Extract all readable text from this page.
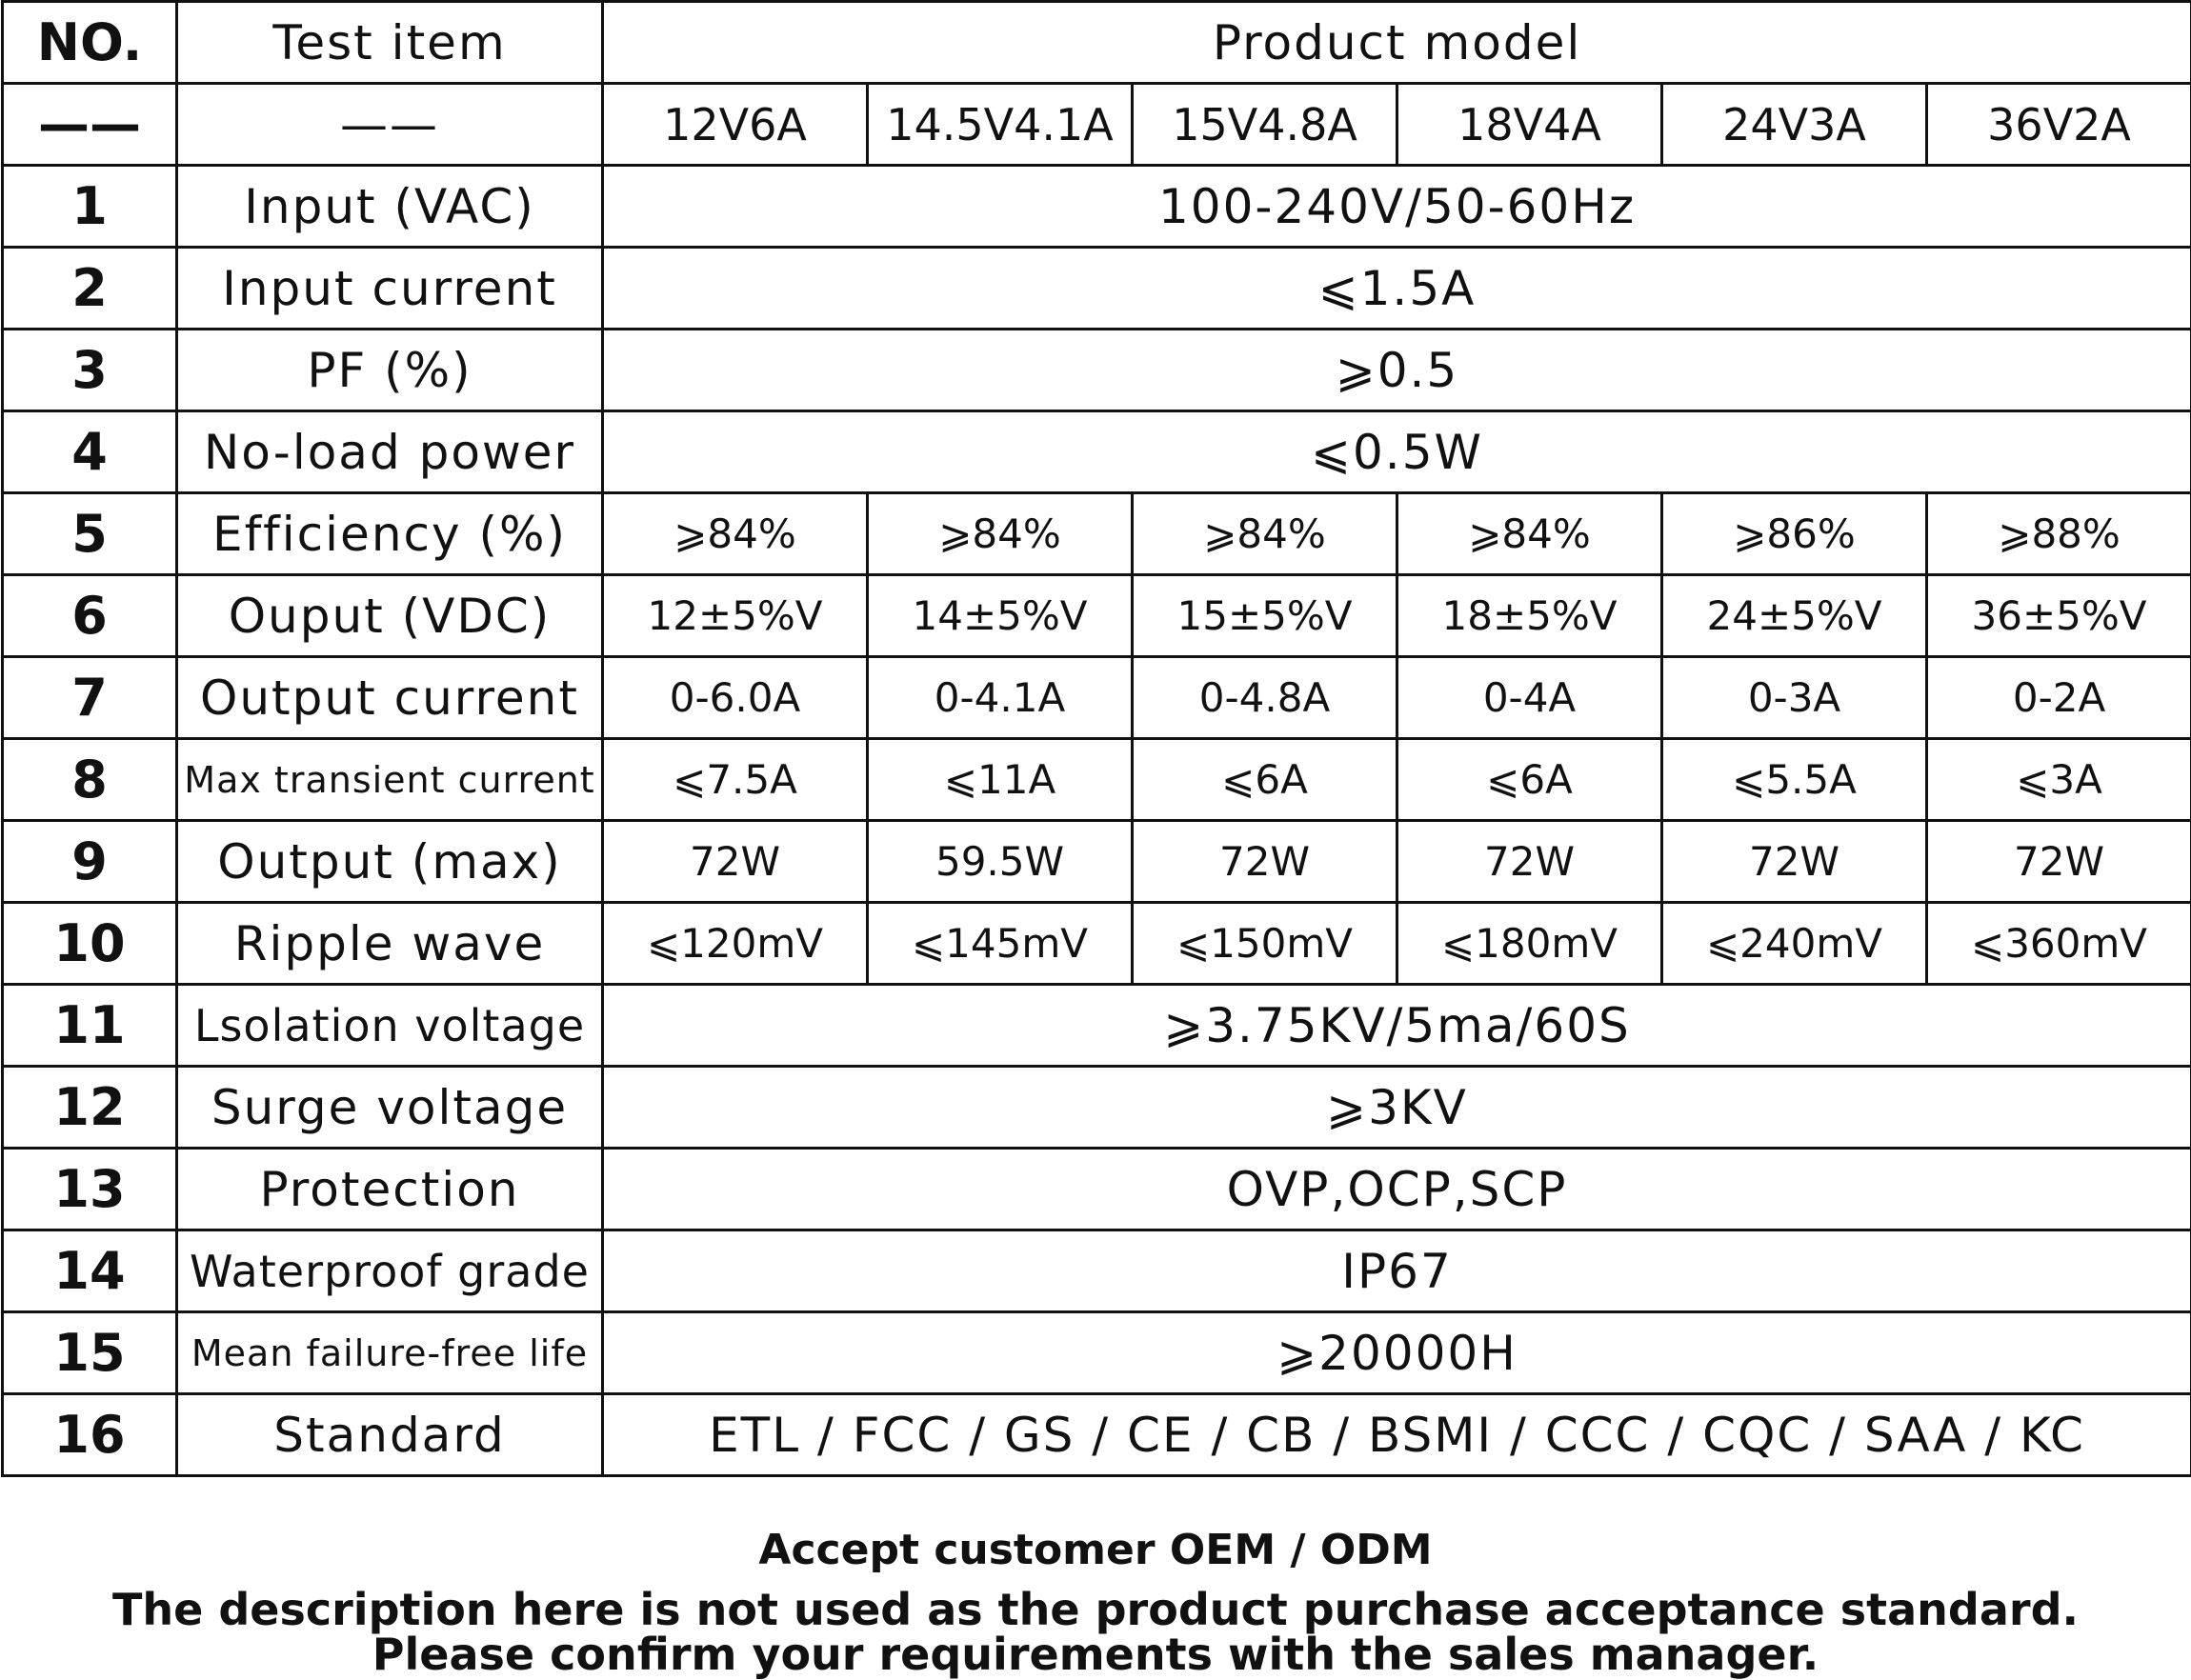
NO.	Test item	Product model					
——	——	12V6A	14.5V4.1A	15V4.8A	18V4A	24V3A	36V2A
1	Input (VAC)	100-240V/50-60Hz					
2	Input current	⩽1.5A					
3	PF (%)	⩾0.5					
4	No-load power	⩽0.5W					
5	Efficiency (%)	⩾84%	⩾84%	⩾84%	⩾84%	⩾86%	⩾88%
6	Ouput (VDC)	12±5%V	14±5%V	15±5%V	18±5%V	24±5%V	36±5%V
7	Output current	0-6.0A	0-4.1A	0-4.8A	0-4A	0-3A	0-2A
8	Max transient current	⩽7.5A	⩽11A	⩽6A	⩽6A	⩽5.5A	⩽3A
9	Output (max)	72W	59.5W	72W	72W	72W	72W
10	Ripple wave	⩽120mV	⩽145mV	⩽150mV	⩽180mV	⩽240mV	⩽360mV
11	Lsolation voltage	⩾3.75KV/5ma/60S					
12	Surge voltage	⩾3KV					
13	Protection	OVP,OCP,SCP					
14	Waterproof grade	IP67					
15	Mean failure-free life	⩾20000H					
16	Standard	ETL / FCC / GS / CE / CB / BSMI / CCC / CQC / SAA / KC					
Accept customer OEM / ODM
The description here is not used as the product purchase acceptance standard.
Please confirm your requirements with the sales manager.
